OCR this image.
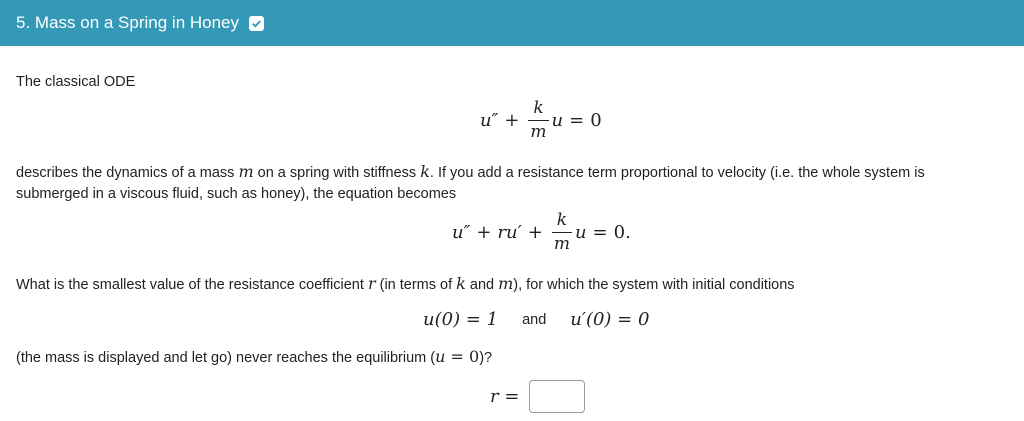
5. Mass on a Spring in Honey
The classical ODE
$u'' + \frac{k}{m}$ u = 0
describes the dynamics of a mass m on a spring with stiffness k. If you add a resistance term proportional to velocity (i.e. the whole system is
submerged in a viscous fluid, such as honey), the equation becomes
$u'' + ru' + \frac{k}{m}$ u = 0.
What is the smallest value of the resistance coefficient r (in terms of k and m), for which the system with initial conditions
u(0) = 1 and u′(0) = 0
(the mass is displayed and let go) never reaches the equilibrium (u = 0)?
r =
